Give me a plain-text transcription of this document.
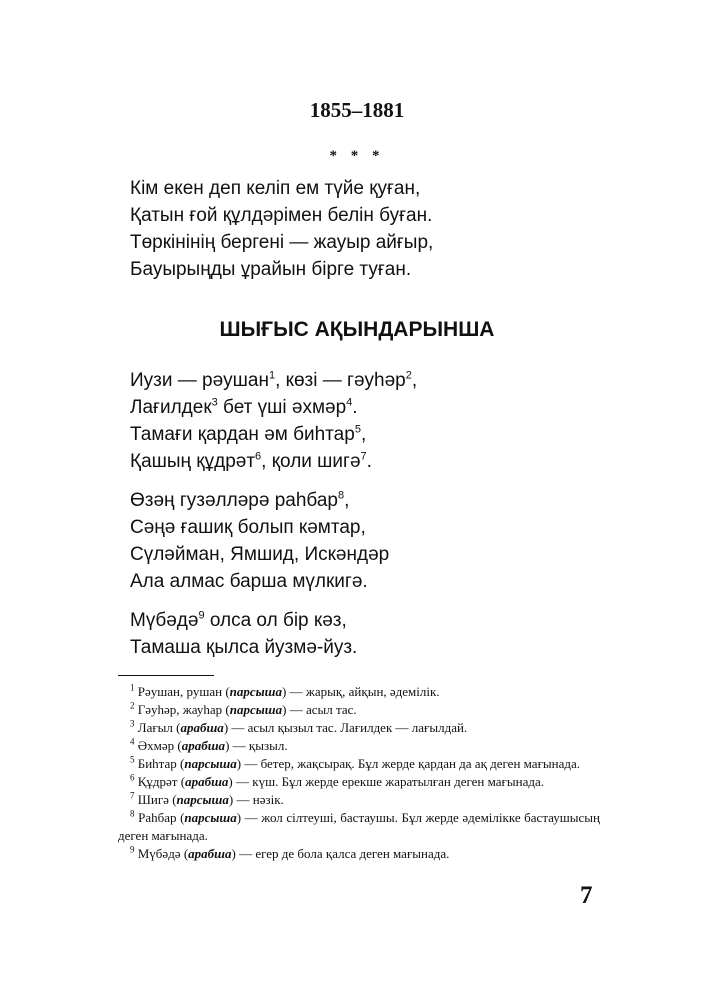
1855–1881
* * *
Кім екен деп келіп ем түйе қуған,
Қатын ғой құлдәрімен белін буған.
Төркінінің бергені — жауыр айғыр,
Бауырыңды ұрайын бірге туған.
ШЫҒЫС АҚЫНДАРЫНША
Иузи — рәушан$^1$, көзі — гәуһәр$^2$,
Лағилдек$^3$ бет үші әхмәр$^4$.
Тамағи қардан әм биһтар$^5$,
Қашың құдрәт$^6$, қоли шигә$^7$.
Өзәң гузәлләрә раһбар$^8$,
Сәңә ғашиқ болып кәмтар,
Сүләйман, Ямшид, Искәндәр
Ала алмас барша мүлкигә.
Мүбәдә$^9$ олса ол бір кәз,
Тамаша қылса йузмә-йуз.
$^1$ Рәушан, рушан (парсыша) — жарық, айқын, әдемілік.
$^2$ Гәуһәр, жауһар (парсыша) — асыл тас.
$^3$ Лағыл (арабша) — асыл қызыл тас. Лағилдек — лағылдай.
$^4$ Әхмәр (арабша) — қызыл.
$^5$ Биһтар (парсыша) — бетер, жақсырақ. Бұл жерде қардан да ақ деген мағынада.
$^6$ Құдрәт (арабша) — күш. Бұл жерде ерекше жаратылған деген мағынада.
$^7$ Шигә (парсыша) — нәзік.
$^8$ Раһбар (парсыша) — жол сілтеуші, бастаушы. Бұл жерде әдемілікке бастаушысың деген мағынада.
$^9$ Мүбәдә (арабша) — егер де бола қалса деген мағынада.
7
